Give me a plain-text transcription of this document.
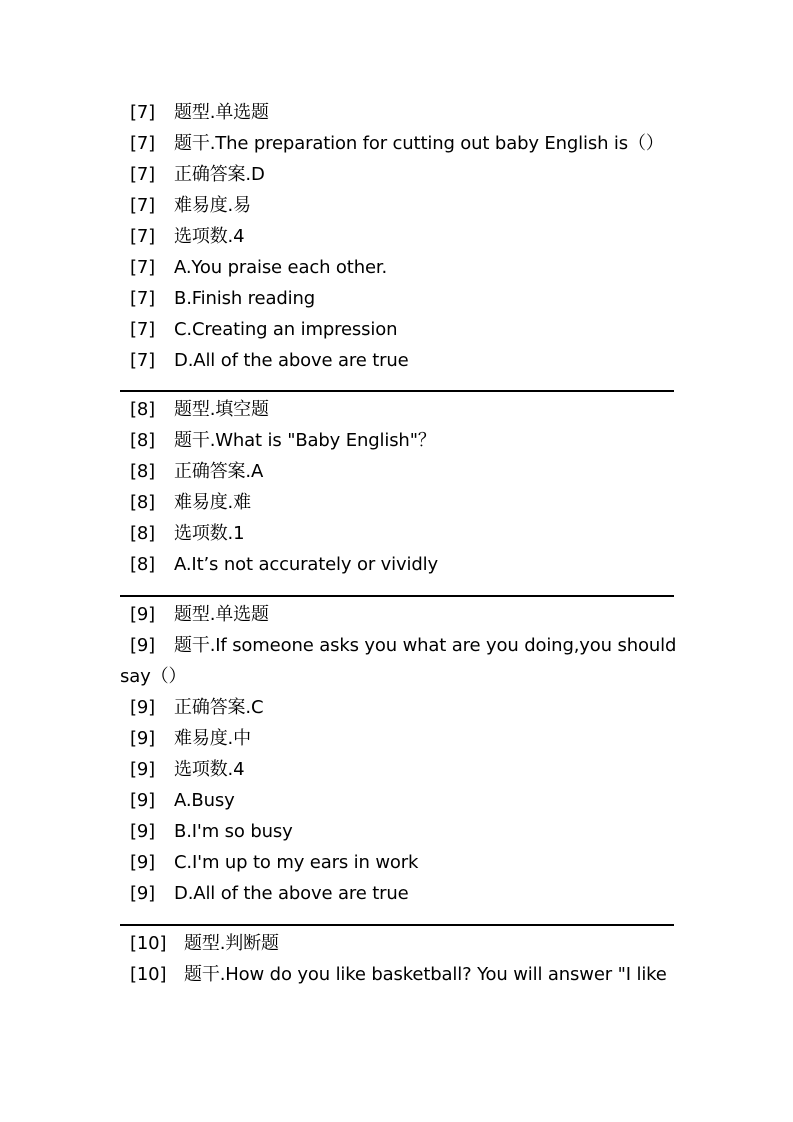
[7] 题型.单选题
[7] 题干.The preparation for cutting out baby English is（）
[7] 正确答案.D
[7] 难易度.易
[7] 选项数.4
[7] A.You praise each other.
[7] B.Finish reading
[7] C.Creating an impression
[7] D.All of the above are true
[8] 题型.填空题
[8] 题干.What is "Baby English"？
[8] 正确答案.A
[8] 难易度.难
[8] 选项数.1
[8] A.It’s not accurately or vividly
[9] 题型.单选题
[9] 题干.If someone asks you what are you doing,you should
say（）
[9] 正确答案.C
[9] 难易度.中
[9] 选项数.4
[9] A.Busy
[9] B.I'm so busy
[9] C.I'm up to my ears in work
[9] D.All of the above are true
[10] 题型.判断题
[10] 题干.How do you like basketball? You will answer "I like
